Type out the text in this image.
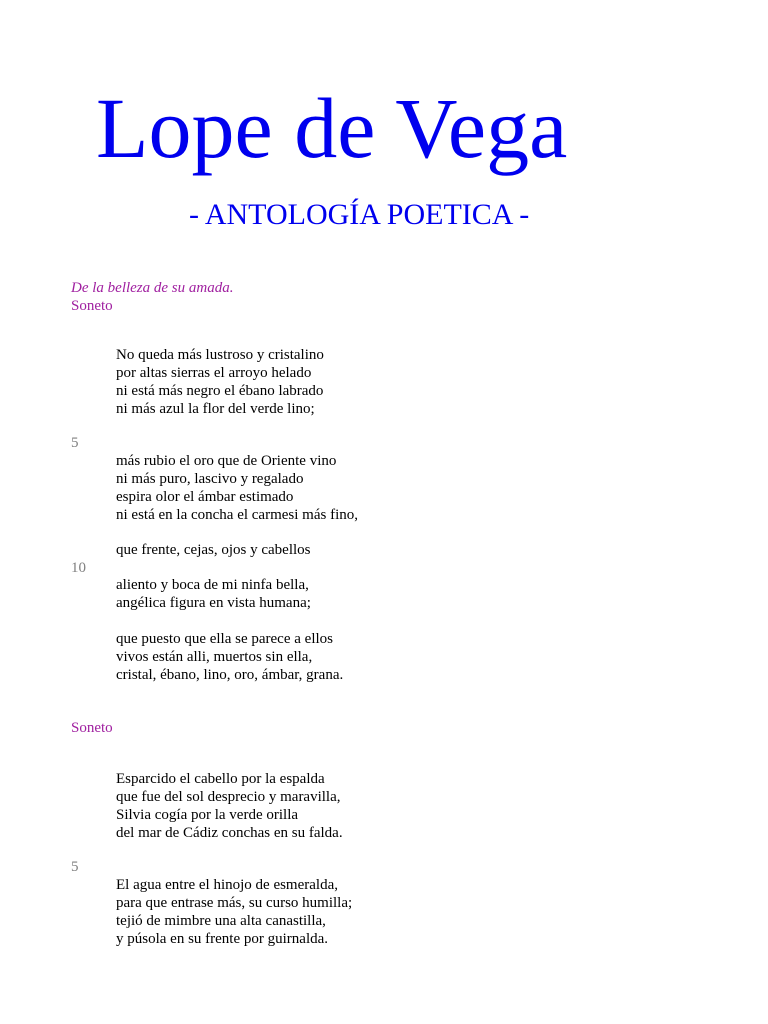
Lope de Vega
- ANTOLOGÍA POETICA -
De la belleza de su amada.
Soneto
No queda más lustroso y cristalino
por altas sierras el arroyo helado
ni está más negro el ébano labrado
ni más azul la flor del verde lino;
5
más rubio el oro que de Oriente vino
ni más puro, lascivo y regalado
espira olor el ámbar estimado
ni está en la concha el carmesi más fino,
que frente, cejas, ojos y cabellos
10
aliento y boca de mi ninfa bella,
angélica figura en vista humana;
que puesto que ella se parece a ellos
vivos están alli, muertos sin ella,
cristal, ébano, lino, oro, ámbar, grana.
Soneto
Esparcido el cabello por la espalda
que fue del sol desprecio y maravilla,
Silvia cogía por la verde orilla
del mar de Cádiz conchas en su falda.
5
El agua entre el hinojo de esmeralda,
para que entrase más, su curso humilla;
tejió de mimbre una alta canastilla,
y púsola en su frente por guirnalda.
